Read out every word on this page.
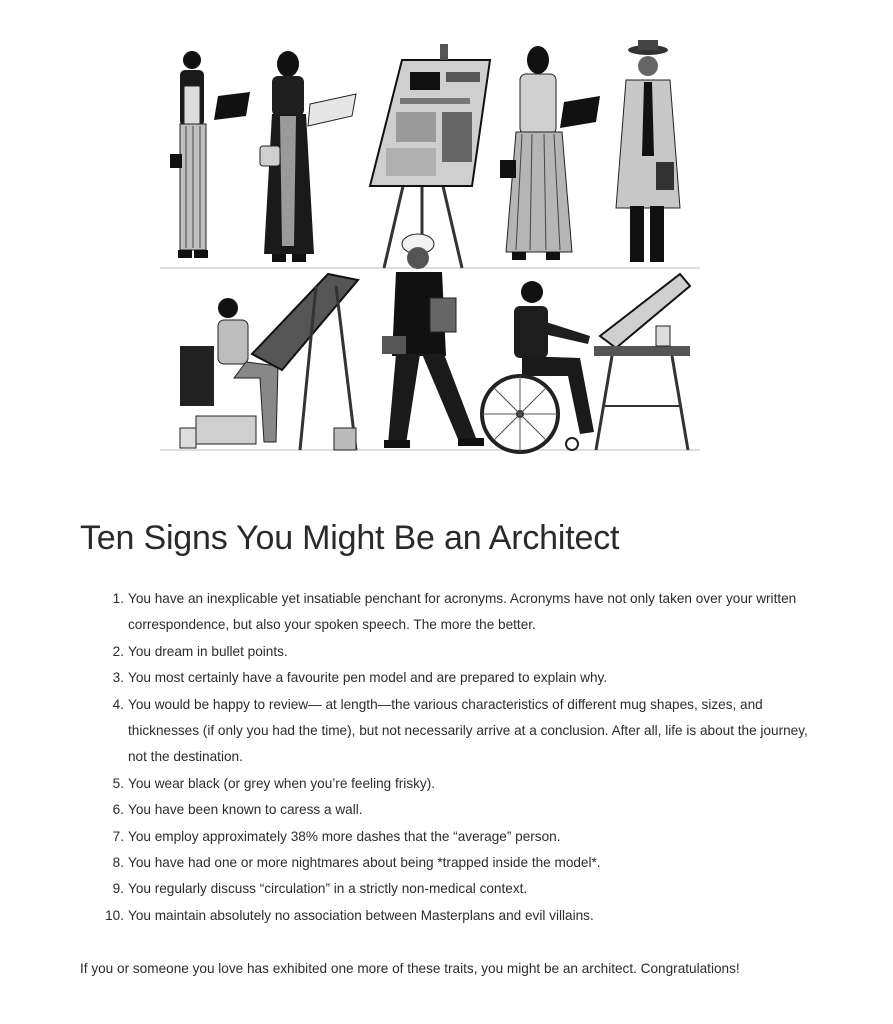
Ten Signs You Might Be an Architect
1. You have an inexplicable yet insatiable penchant for acronyms. Acronyms have not only taken over your written correspondence, but also your spoken speech. The more the better.
2. You dream in bullet points.
3. You most certainly have a favourite pen model and are prepared to explain why.
4. You would be happy to review— at length—the various characteristics of different mug shapes, sizes, and thicknesses (if only you had the time), but not necessarily arrive at a conclusion. After all, life is about the journey, not the destination.
5. You wear black (or grey when you’re feeling frisky).
6. You have been known to caress a wall.
7. You employ approximately 38% more dashes that the “average” person.
8. You have had one or more nightmares about being *trapped inside the model*.
9. You regularly discuss “circulation” in a strictly non-medical context.
10. You maintain absolutely no association between Masterplans and evil villains.

If you or someone you love has exhibited one more of these traits, you might be an architect. Congratulations!
